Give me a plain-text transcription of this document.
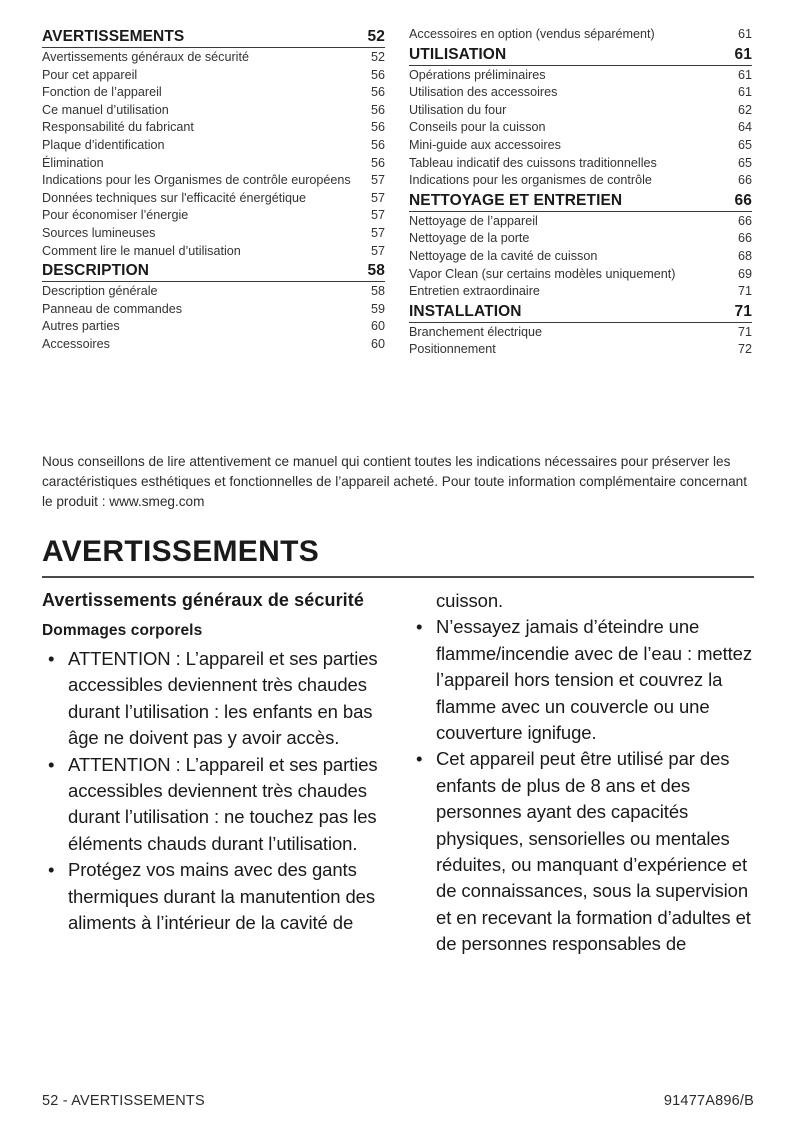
AVERTISSEMENTS	52
Avertissements généraux de sécurité	52
Pour cet appareil	56
Fonction de l’appareil	56
Ce manuel d’utilisation	56
Responsabilité du fabricant	56
Plaque d’identification	56
Élimination	56
Indications pour les Organismes de contrôle européens	57
Données techniques sur l'efficacité énergétique	57
Pour économiser l’énergie	57
Sources lumineuses	57
Comment lire le manuel d’utilisation	57
DESCRIPTION	58
Description générale	58
Panneau de commandes	59
Autres parties	60
Accessoires	60
Accessoires en option (vendus séparément)	61
UTILISATION	61
Opérations préliminaires	61
Utilisation des accessoires	61
Utilisation du four	62
Conseils pour la cuisson	64
Mini-guide aux accessoires	65
Tableau indicatif des cuissons traditionnelles	65
Indications pour les organismes de contrôle	66
NETTOYAGE ET ENTRETIEN	66
Nettoyage de l’appareil	66
Nettoyage de la porte	66
Nettoyage de la cavité de cuisson	68
Vapor Clean (sur certains modèles uniquement)	69
Entretien extraordinaire	71
INSTALLATION	71
Branchement électrique	71
Positionnement	72

Nous conseillons de lire attentivement ce manuel qui contient toutes les indications nécessaires pour préserver les caractéristiques esthétiques et fonctionnelles de l’appareil acheté. Pour toute information complémentaire concernant le produit : www.smeg.com

AVERTISSEMENTS
Avertissements généraux de sécurité
Dommages corporels
• ATTENTION : L’appareil et ses parties accessibles deviennent très chaudes durant l’utilisation : les enfants en bas âge ne doivent pas y avoir accès.
• ATTENTION : L’appareil et ses parties accessibles deviennent très chaudes durant l’utilisation : ne touchez pas les éléments chauds durant l’utilisation.
• Protégez vos mains avec des gants thermiques durant la manutention des aliments à l’intérieur de la cavité de
cuisson.
• N’essayez jamais d’éteindre une flamme/incendie avec de l’eau : mettez l’appareil hors tension et couvrez la flamme avec un couvercle ou une couverture ignifuge.
• Cet appareil peut être utilisé par des enfants de plus de 8 ans et des personnes ayant des capacités physiques, sensorielles ou mentales réduites, ou manquant d’expérience et de connaissances, sous la supervision et en recevant la formation d’adultes et de personnes responsables de
52 - AVERTISSEMENTS	91477A896/B
